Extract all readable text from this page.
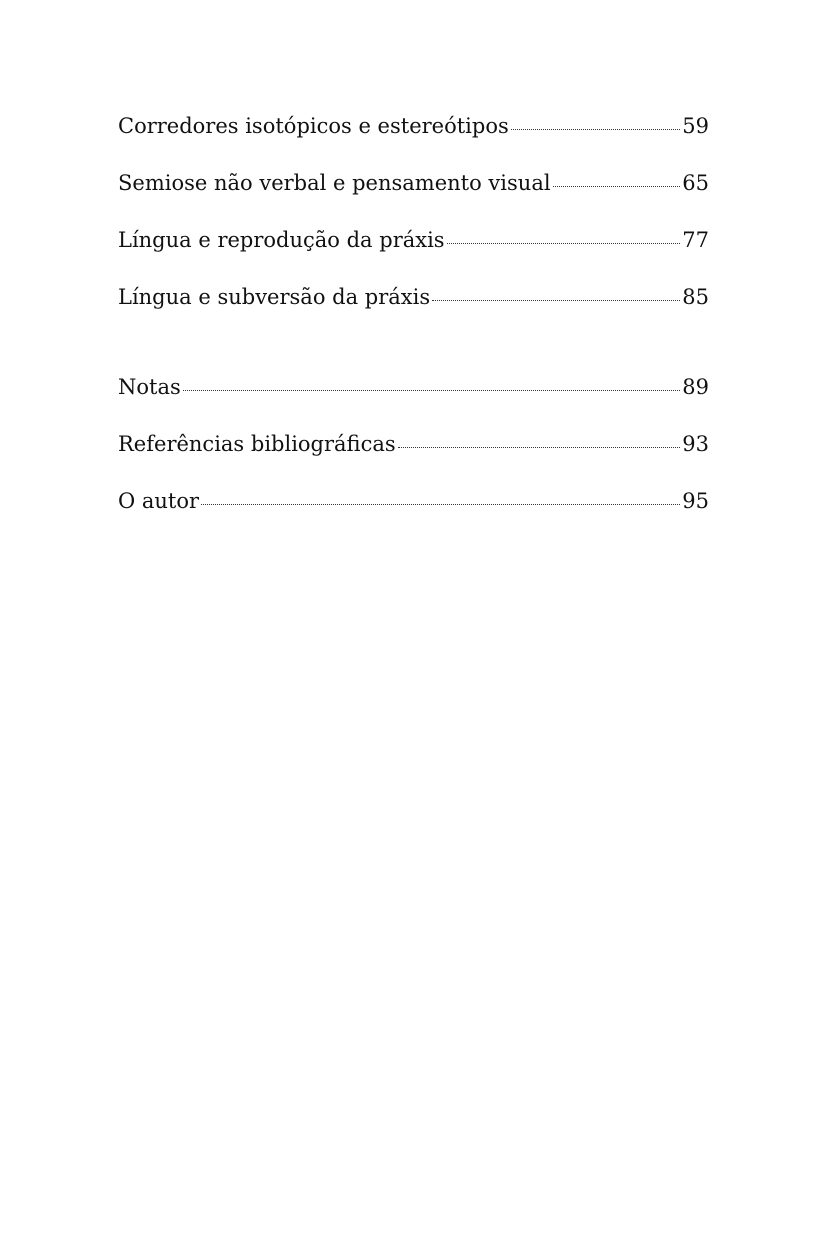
Corredores isotópicos e estereótipos	59
Semiose não verbal e pensamento visual	65
Língua e reprodução da práxis	77
Língua e subversão da práxis	85
Notas	89
Referências bibliográficas	93
O autor	95
